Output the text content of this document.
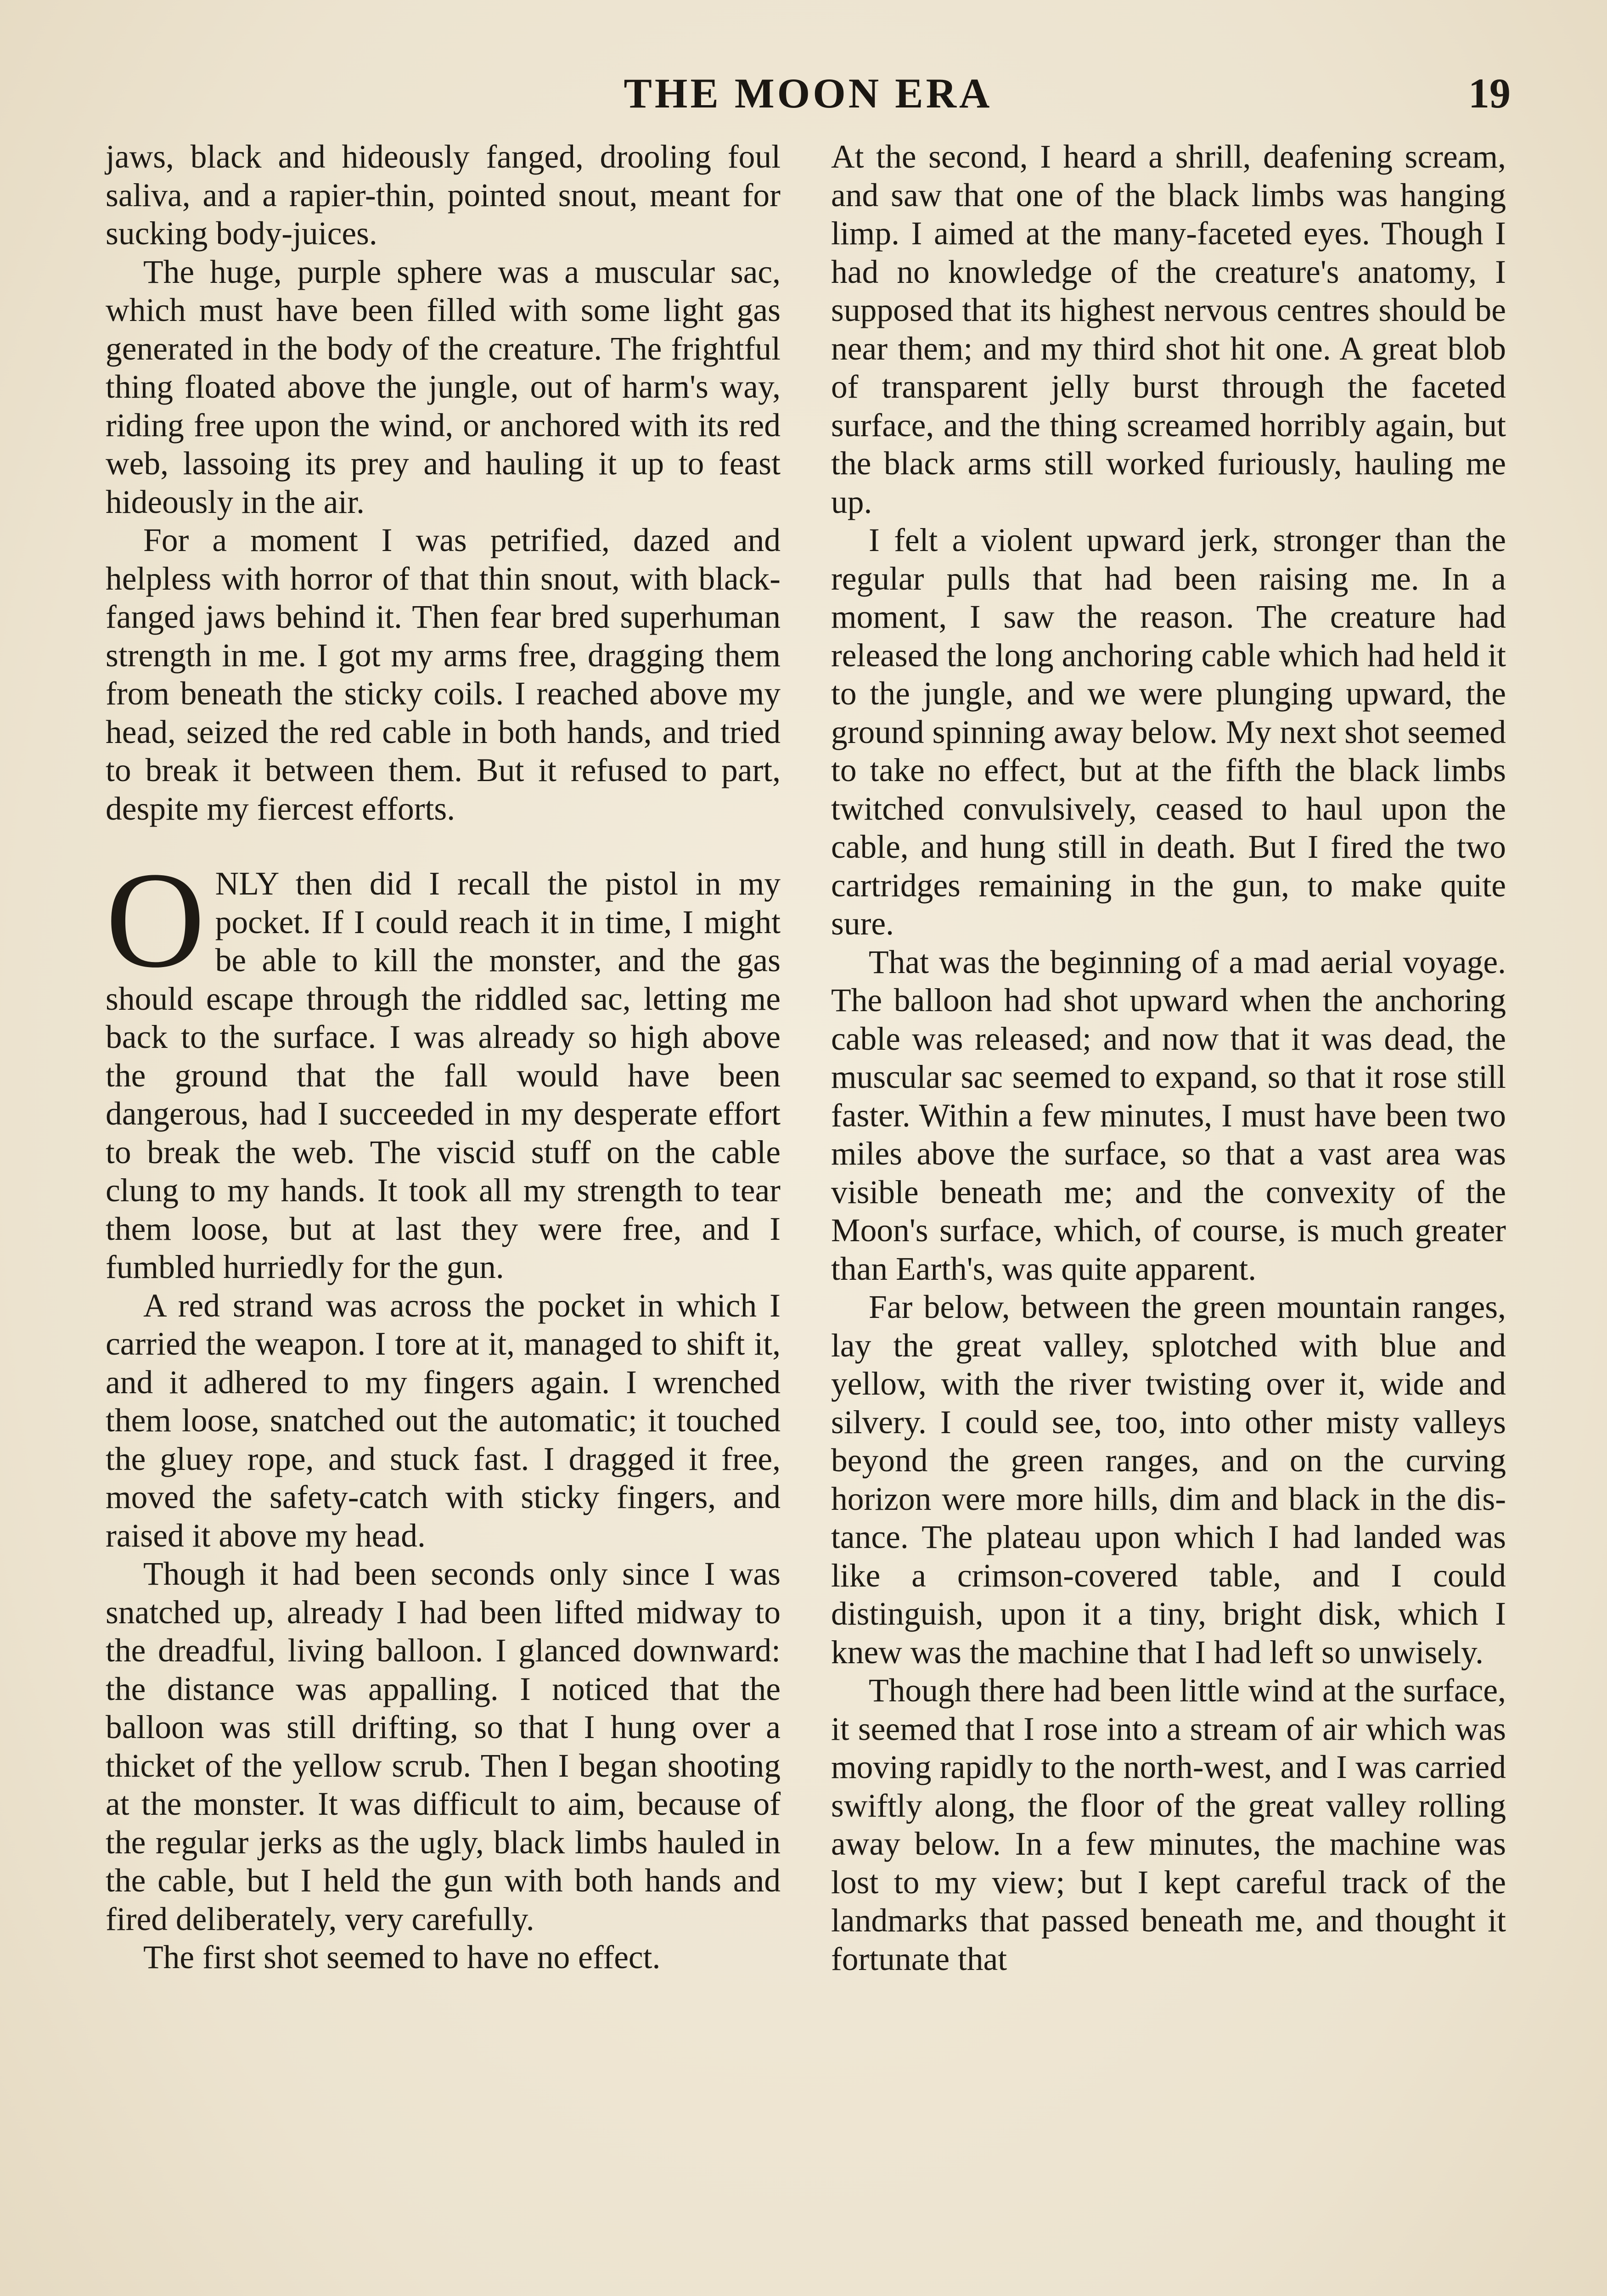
THE MOON ERA	19

jaws, black and hideously fanged, drooling foul saliva, and a rapier-thin, pointed snout, meant for sucking body-juices.

The huge, purple sphere was a muscular sac, which must have been filled with some light gas generated in the body of the creature. The frightful thing floated above the jungle, out of harm's way, riding free upon the wind, or anchored with its red web, lassoing its prey and hauling it up to feast hideously in the air.

For a moment I was petrified, dazed and helpless with horror of that thin snout, with black-fanged jaws behind it. Then fear bred superhuman strength in me. I got my arms free, dragging them from beneath the sticky coils. I reached above my head, seized the red cable in both hands, and tried to break it between them. But it refused to part, despite my fiercest efforts.

ONLY then did I recall the pistol in my pocket. If I could reach it in time, I might be able to kill the monster, and the gas should escape through the riddled sac, letting me back to the surface. I was already so high above the ground that the fall would have been dangerous, had I succeeded in my desperate effort to break the web. The viscid stuff on the cable clung to my hands. It took all my strength to tear them loose, but at last they were free, and I fumbled hurriedly for the gun.

A red strand was across the pocket in which I carried the weapon. I tore at it, managed to shift it, and it adhered to my fingers again. I wrenched them loose, snatched out the automatic; it touched the gluey rope, and stuck fast. I dragged it free, moved the safety-catch with sticky fingers, and raised it above my head.

Though it had been seconds only since I was snatched up, already I had been lifted midway to the dreadful, living balloon. I glanced downward: the distance was appalling. I noticed that the balloon was still drifting, so that I hung over a thicket of the yellow scrub. Then I began shooting at the monster. It was difficult to aim, because of the regular jerks as the ugly, black limbs hauled in the cable, but I held the gun with both hands and fired deliberately, very carefully.

The first shot seemed to have no effect.

At the second, I heard a shrill, deafening scream, and saw that one of the black limbs was hanging limp. I aimed at the many-faceted eyes. Though I had no knowledge of the creature's anatomy, I supposed that its highest nervous centres should be near them; and my third shot hit one. A great blob of transparent jelly burst through the faceted surface, and the thing screamed horribly again, but the black arms still worked furiously, hauling me up.

I felt a violent upward jerk, stronger than the regular pulls that had been raising me. In a moment, I saw the reason. The creature had released the long anchoring cable which had held it to the jungle, and we were plunging upward, the ground spinning away below. My next shot seemed to take no effect, but at the fifth the black limbs twitched convulsively, ceased to haul upon the cable, and hung still in death. But I fired the two cartridges remaining in the gun, to make quite sure.

That was the beginning of a mad aerial voyage. The balloon had shot upward when the anchoring cable was released; and now that it was dead, the muscular sac seemed to expand, so that it rose still faster. Within a few minutes, I must have been two miles above the surface, so that a vast area was visible beneath me; and the convexity of the Moon's surface, which, of course, is much greater than Earth's, was quite apparent.

Far below, between the green mountain ranges, lay the great valley, splotched with blue and yellow, with the river twisting over it, wide and silvery. I could see, too, into other misty valleys beyond the green ranges, and on the curving horizon were more hills, dim and black in the distance. The plateau upon which I had landed was like a crimson-covered table, and I could distinguish, upon it a tiny, bright disk, which I knew was the machine that I had left so unwisely.

Though there had been little wind at the surface, it seemed that I rose into a stream of air which was moving rapidly to the north-west, and I was carried swiftly along, the floor of the great valley rolling away below. In a few minutes, the machine was lost to my view; but I kept careful track of the landmarks that passed beneath me, and thought it fortunate that
